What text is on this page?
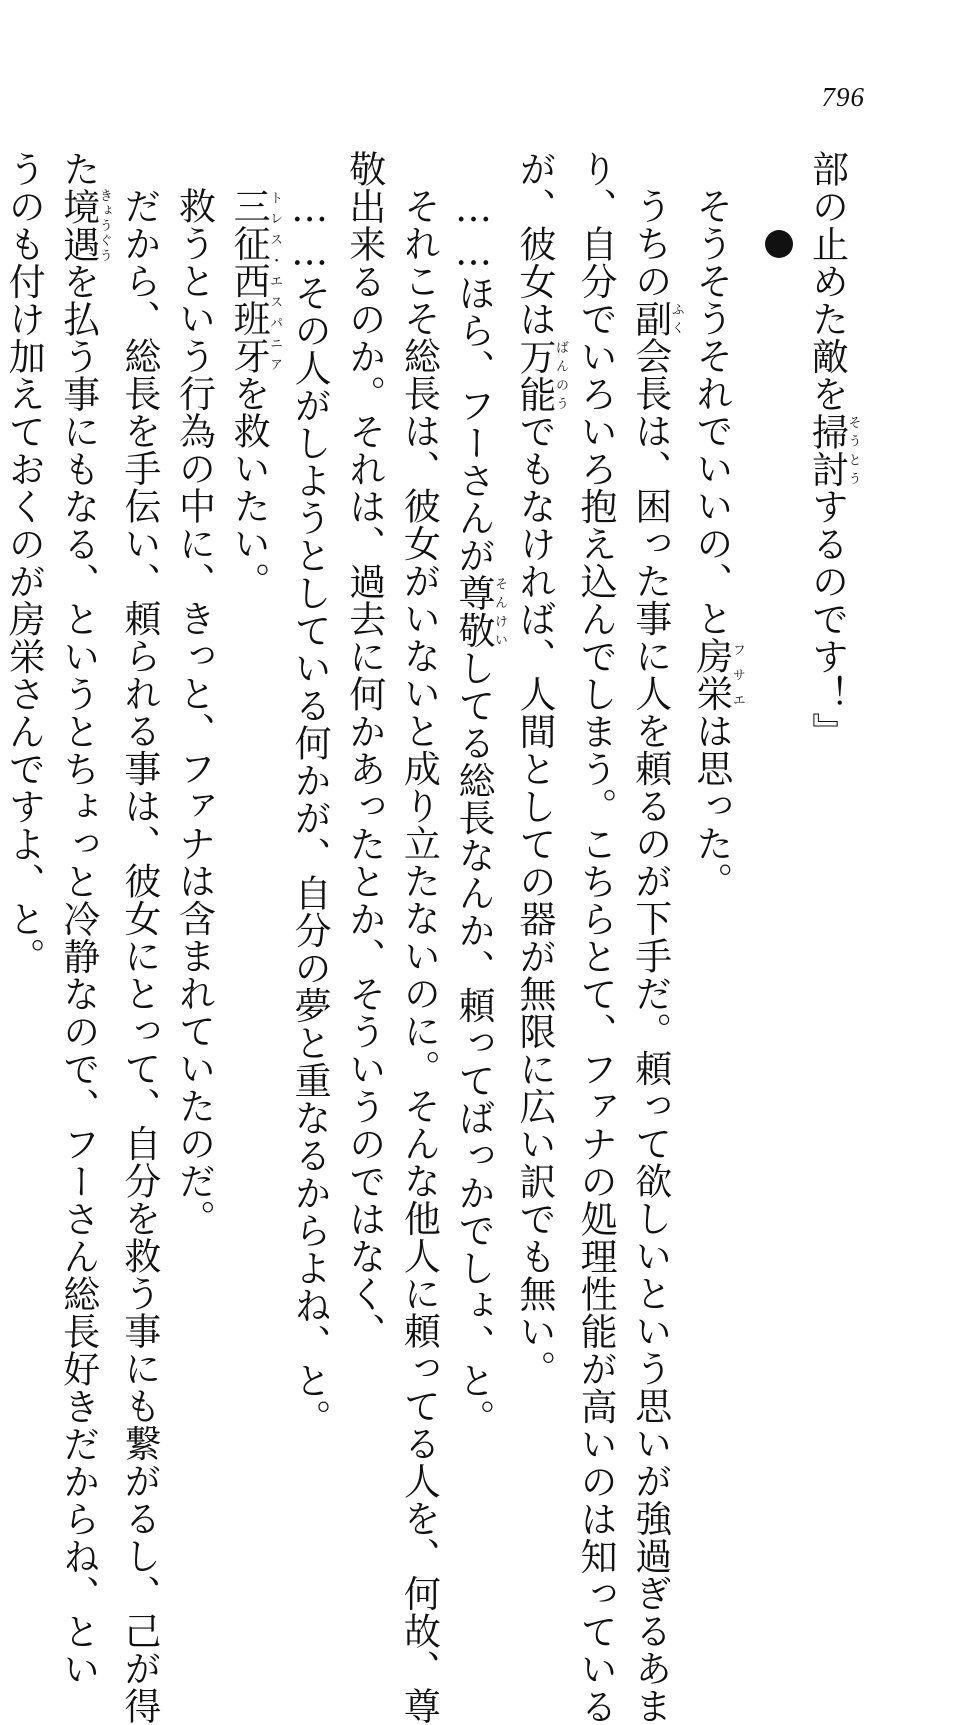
796

部の止めた敵を掃討そうとうするのです！』

そうそうそれでいいの、と房栄フサエは思った。

うちの副ふく会長は、困った事に人を頼るのが下手だ。頼って欲しいという思いが強過ぎるあま

り、自分でいろいろ抱え込んでしまう。こちらとて、ファナの処理性能が高いのは知っている

が、彼女は万能ばんのうでもなければ、人間としての器が無限に広い訳でも無い。

……ほら、フーさんが尊敬そんけいしてる総長なんか、頼ってばっかでしょ、と。

それこそ総長は、彼女がいないと成り立たないのに。そんな他人に頼ってる人を、何故、尊

敬出来るのか。それは、過去に何かあったとか、そういうのではなく、

……その人がしようとしている何かが、自分の夢と重なるからよね、と。

三征西班牙トレス・エスパニアを救いたい。

救うという行為の中に、きっと、ファナは含まれていたのだ。

だから、総長を手伝い、頼られる事は、彼女にとって、自分を救う事にも繋がるし、己が得

た境遇きょうぐうを払う事にもなる、というとちょっと冷静なので、フーさん総長好きだからね、とい

うのも付け加えておくのが房栄さんですよ、と。
